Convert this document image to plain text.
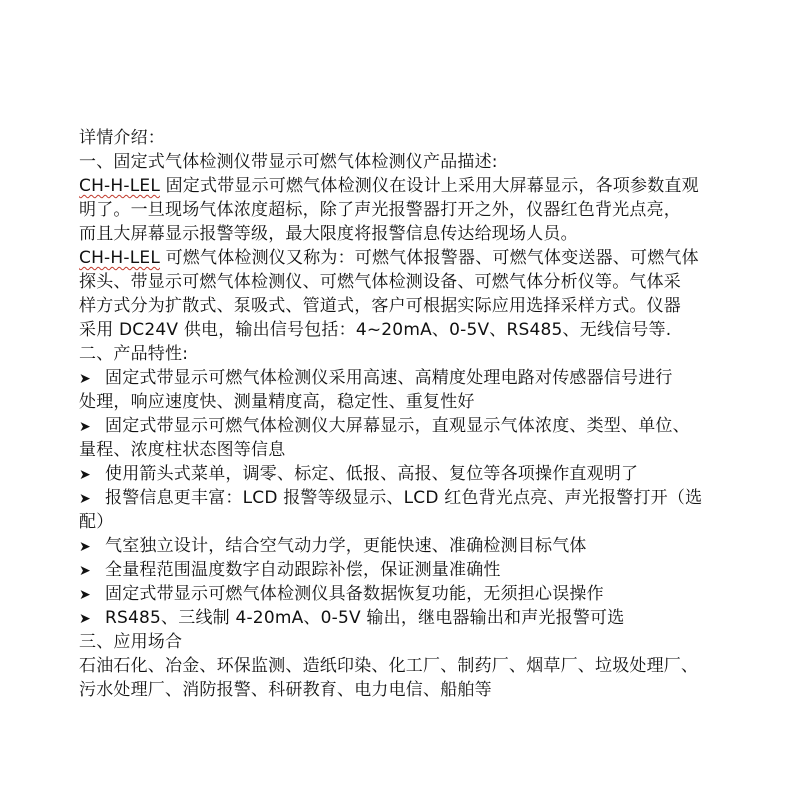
详情介绍：
一、固定式气体检测仪带显示可燃气体检测仪产品描述:
CH-H-LEL 固定式带显示可燃气体检测仪在设计上采用大屏幕显示，各项参数直观
明了。一旦现场气体浓度超标，除了声光报警器打开之外，仪器红色背光点亮，
而且大屏幕显示报警等级，最大限度将报警信息传达给现场人员。
CH-H-LEL 可燃气体检测仪又称为：可燃气体报警器、可燃气体变送器、可燃气体
探头、带显示可燃气体检测仪、可燃气体检测设备、可燃气体分析仪等。气体采
样方式分为扩散式、泵吸式、管道式，客户可根据实际应用选择采样方式。仪器
采用 DC24V 供电，输出信号包括：4~20mA、0-5V、RS485、无线信号等.
二、产品特性:
➤ 固定式带显示可燃气体检测仪采用高速、高精度处理电路对传感器信号进行
处理，响应速度快、测量精度高，稳定性、重复性好
➤ 固定式带显示可燃气体检测仪大屏幕显示，直观显示气体浓度、类型、单位、
量程、浓度柱状态图等信息
➤ 使用箭头式菜单，调零、标定、低报、高报、复位等各项操作直观明了
➤ 报警信息更丰富：LCD 报警等级显示、LCD 红色背光点亮、声光报警打开（选
配）
➤ 气室独立设计，结合空气动力学，更能快速、准确检测目标气体
➤ 全量程范围温度数字自动跟踪补偿，保证测量准确性
➤ 固定式带显示可燃气体检测仪具备数据恢复功能，无须担心误操作
➤ RS485、三线制 4-20mA、0-5V 输出，继电器输出和声光报警可选
三、应用场合
石油石化、冶金、环保监测、造纸印染、化工厂、制药厂、烟草厂、垃圾处理厂、
污水处理厂、消防报警、科研教育、电力电信、船舶等
